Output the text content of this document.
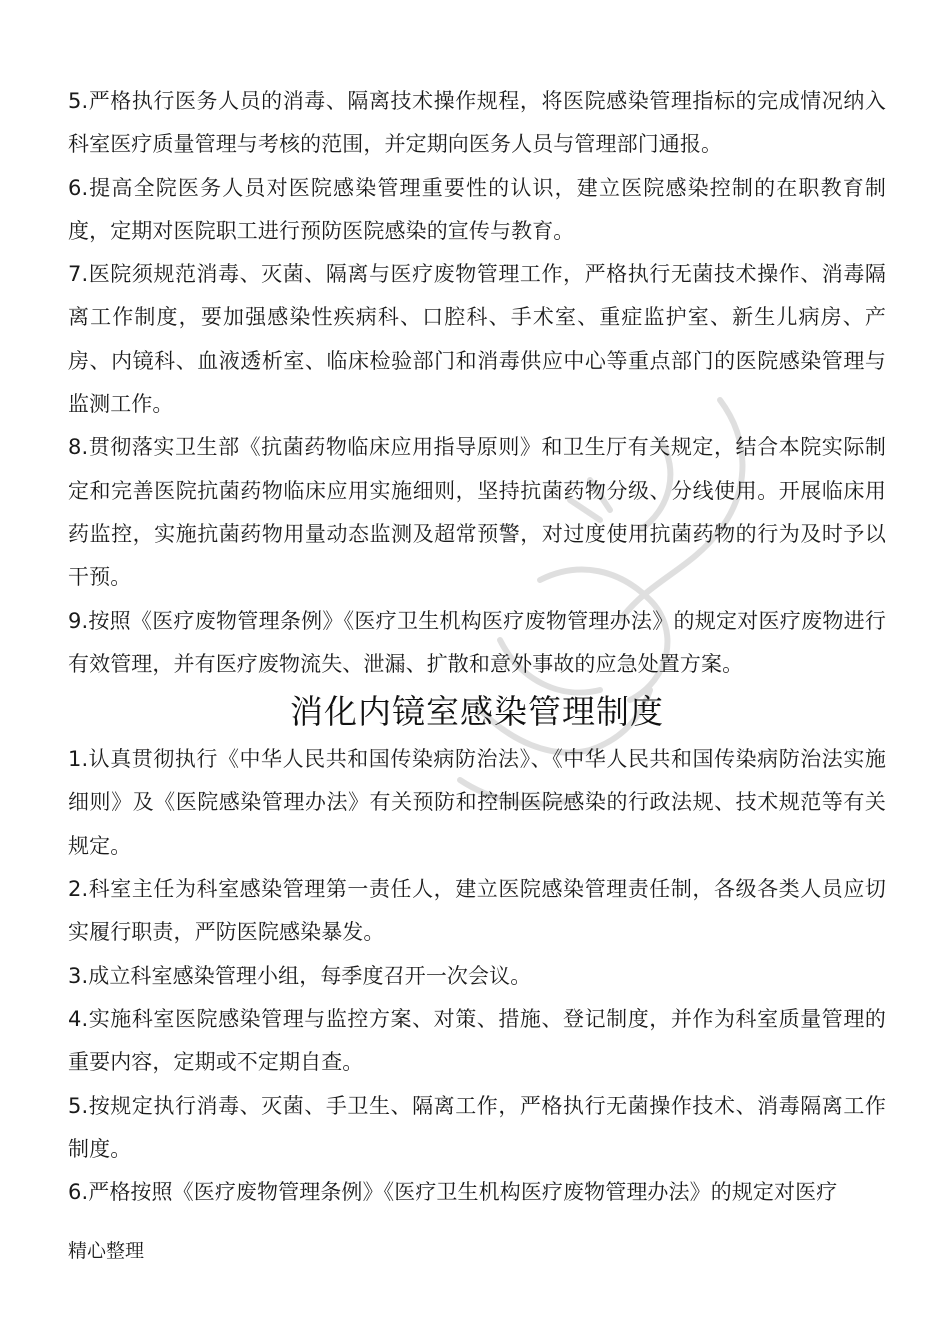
5.严格执行医务人员的消毒、隔离技术操作规程，将医院感染管理指标的完成情况纳入科室医疗质量管理与考核的范围，并定期向医务人员与管理部门通报。

6.提高全院医务人员对医院感染管理重要性的认识，建立医院感染控制的在职教育制度，定期对医院职工进行预防医院感染的宣传与教育。

7.医院须规范消毒、灭菌、隔离与医疗废物管理工作，严格执行无菌技术操作、消毒隔离工作制度，要加强感染性疾病科、口腔科、手术室、重症监护室、新生儿病房、产房、内镜科、血液透析室、临床检验部门和消毒供应中心等重点部门的医院感染管理与监测工作。

8.贯彻落实卫生部《抗菌药物临床应用指导原则》和卫生厅有关规定，结合本院实际制定和完善医院抗菌药物临床应用实施细则，坚持抗菌药物分级、分线使用。开展临床用药监控，实施抗菌药物用量动态监测及超常预警，对过度使用抗菌药物的行为及时予以干预。

9.按照《医疗废物管理条例》《医疗卫生机构医疗废物管理办法》的规定对医疗废物进行有效管理，并有医疗废物流失、泄漏、扩散和意外事故的应急处置方案。

消化内镜室感染管理制度

1.认真贯彻执行《中华人民共和国传染病防治法》、《中华人民共和国传染病防治法实施细则》及《医院感染管理办法》有关预防和控制医院感染的行政法规、技术规范等有关规定。

2.科室主任为科室感染管理第一责任人，建立医院感染管理责任制，各级各类人员应切实履行职责，严防医院感染暴发。

3.成立科室感染管理小组，每季度召开一次会议。

4.实施科室医院感染管理与监控方案、对策、措施、登记制度，并作为科室质量管理的重要内容，定期或不定期自查。

5.按规定执行消毒、灭菌、手卫生、隔离工作，严格执行无菌操作技术、消毒隔离工作制度。

6.严格按照《医疗废物管理条例》《医疗卫生机构医疗废物管理办法》的规定对医疗

精心整理
